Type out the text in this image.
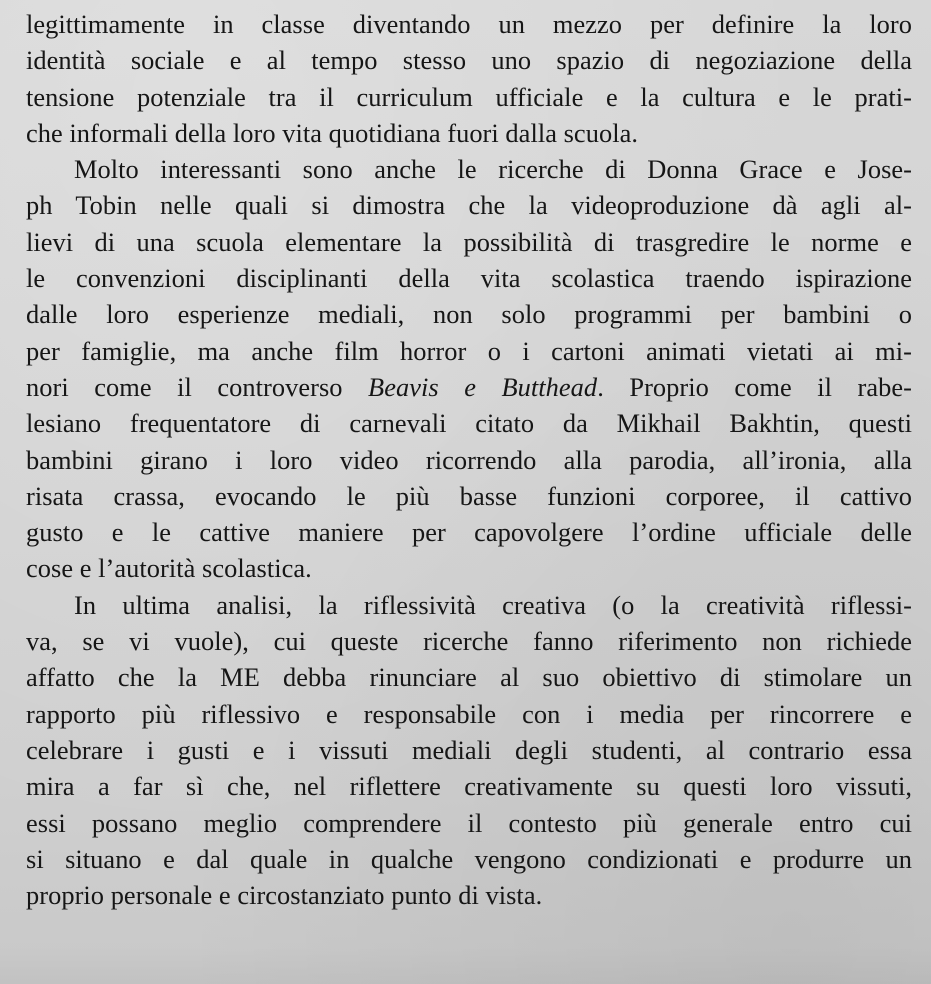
legittimamente in classe diventando un mezzo per definire la loro
identità sociale e al tempo stesso uno spazio di negoziazione della
tensione potenziale tra il curriculum ufficiale e la cultura e le prati-
che informali della loro vita quotidiana fuori dalla scuola.
Molto interessanti sono anche le ricerche di Donna Grace e Jose-
ph Tobin nelle quali si dimostra che la videoproduzione dà agli al-
lievi di una scuola elementare la possibilità di trasgredire le norme e
le convenzioni disciplinanti della vita scolastica traendo ispirazione
dalle loro esperienze mediali, non solo programmi per bambini o
per famiglie, ma anche film horror o i cartoni animati vietati ai mi-
nori come il controverso Beavis e Butthead. Proprio come il rabe-
lesiano frequentatore di carnevali citato da Mikhail Bakhtin, questi
bambini girano i loro video ricorrendo alla parodia, all’ironia, alla
risata crassa, evocando le più basse funzioni corporee, il cattivo
gusto e le cattive maniere per capovolgere l’ordine ufficiale delle
cose e l’autorità scolastica.
In ultima analisi, la riflessività creativa (o la creatività riflessi-
va, se vi vuole), cui queste ricerche fanno riferimento non richiede
affatto che la ME debba rinunciare al suo obiettivo di stimolare un
rapporto più riflessivo e responsabile con i media per rincorrere e
celebrare i gusti e i vissuti mediali degli studenti, al contrario essa
mira a far sì che, nel riflettere creativamente su questi loro vissuti,
essi possano meglio comprendere il contesto più generale entro cui
si situano e dal quale in qualche vengono condizionati e produrre un
proprio personale e circostanziato punto di vista.
